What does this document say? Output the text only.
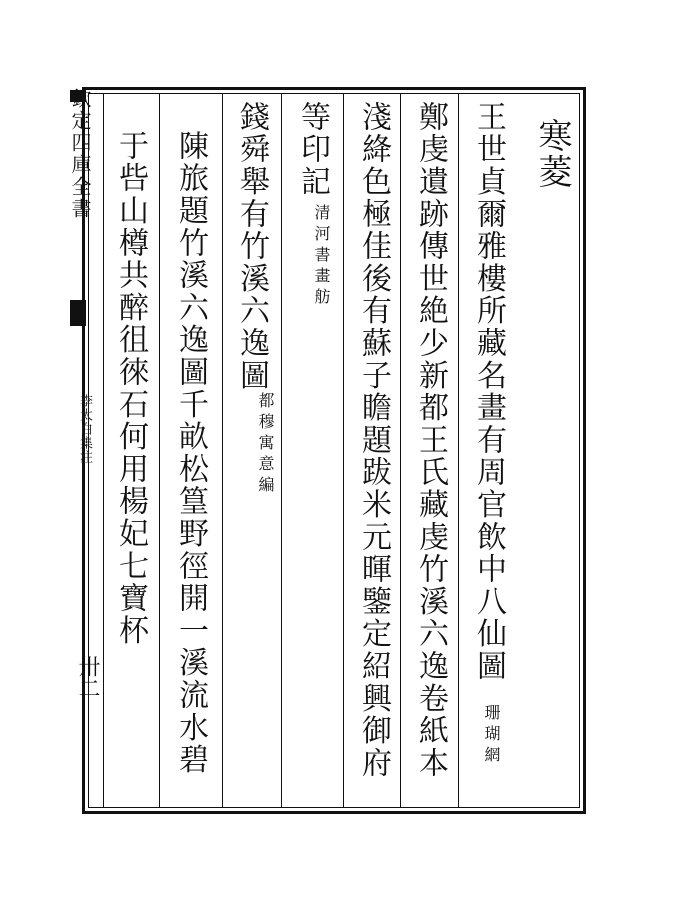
欽定四庫全書	寒菱
王世貞爾雅樓所藏名畫有周官飲中八仙圖
珊瑚網
鄭虔遺跡傳世絶少新都王氏藏虔竹溪六逸卷紙本
淺絳色極佳後有蘇子瞻題跋米元暉鑒定紹興御府
等印記
清河書畫舫
錢舜舉有竹溪六逸圖
都穆寓意編
陳旅題竹溪六逸圖千畝松篁野徑開一溪流水碧
于呰山樽共醉徂徠石何用楊妃七寶杯
李太白集注
卅二
